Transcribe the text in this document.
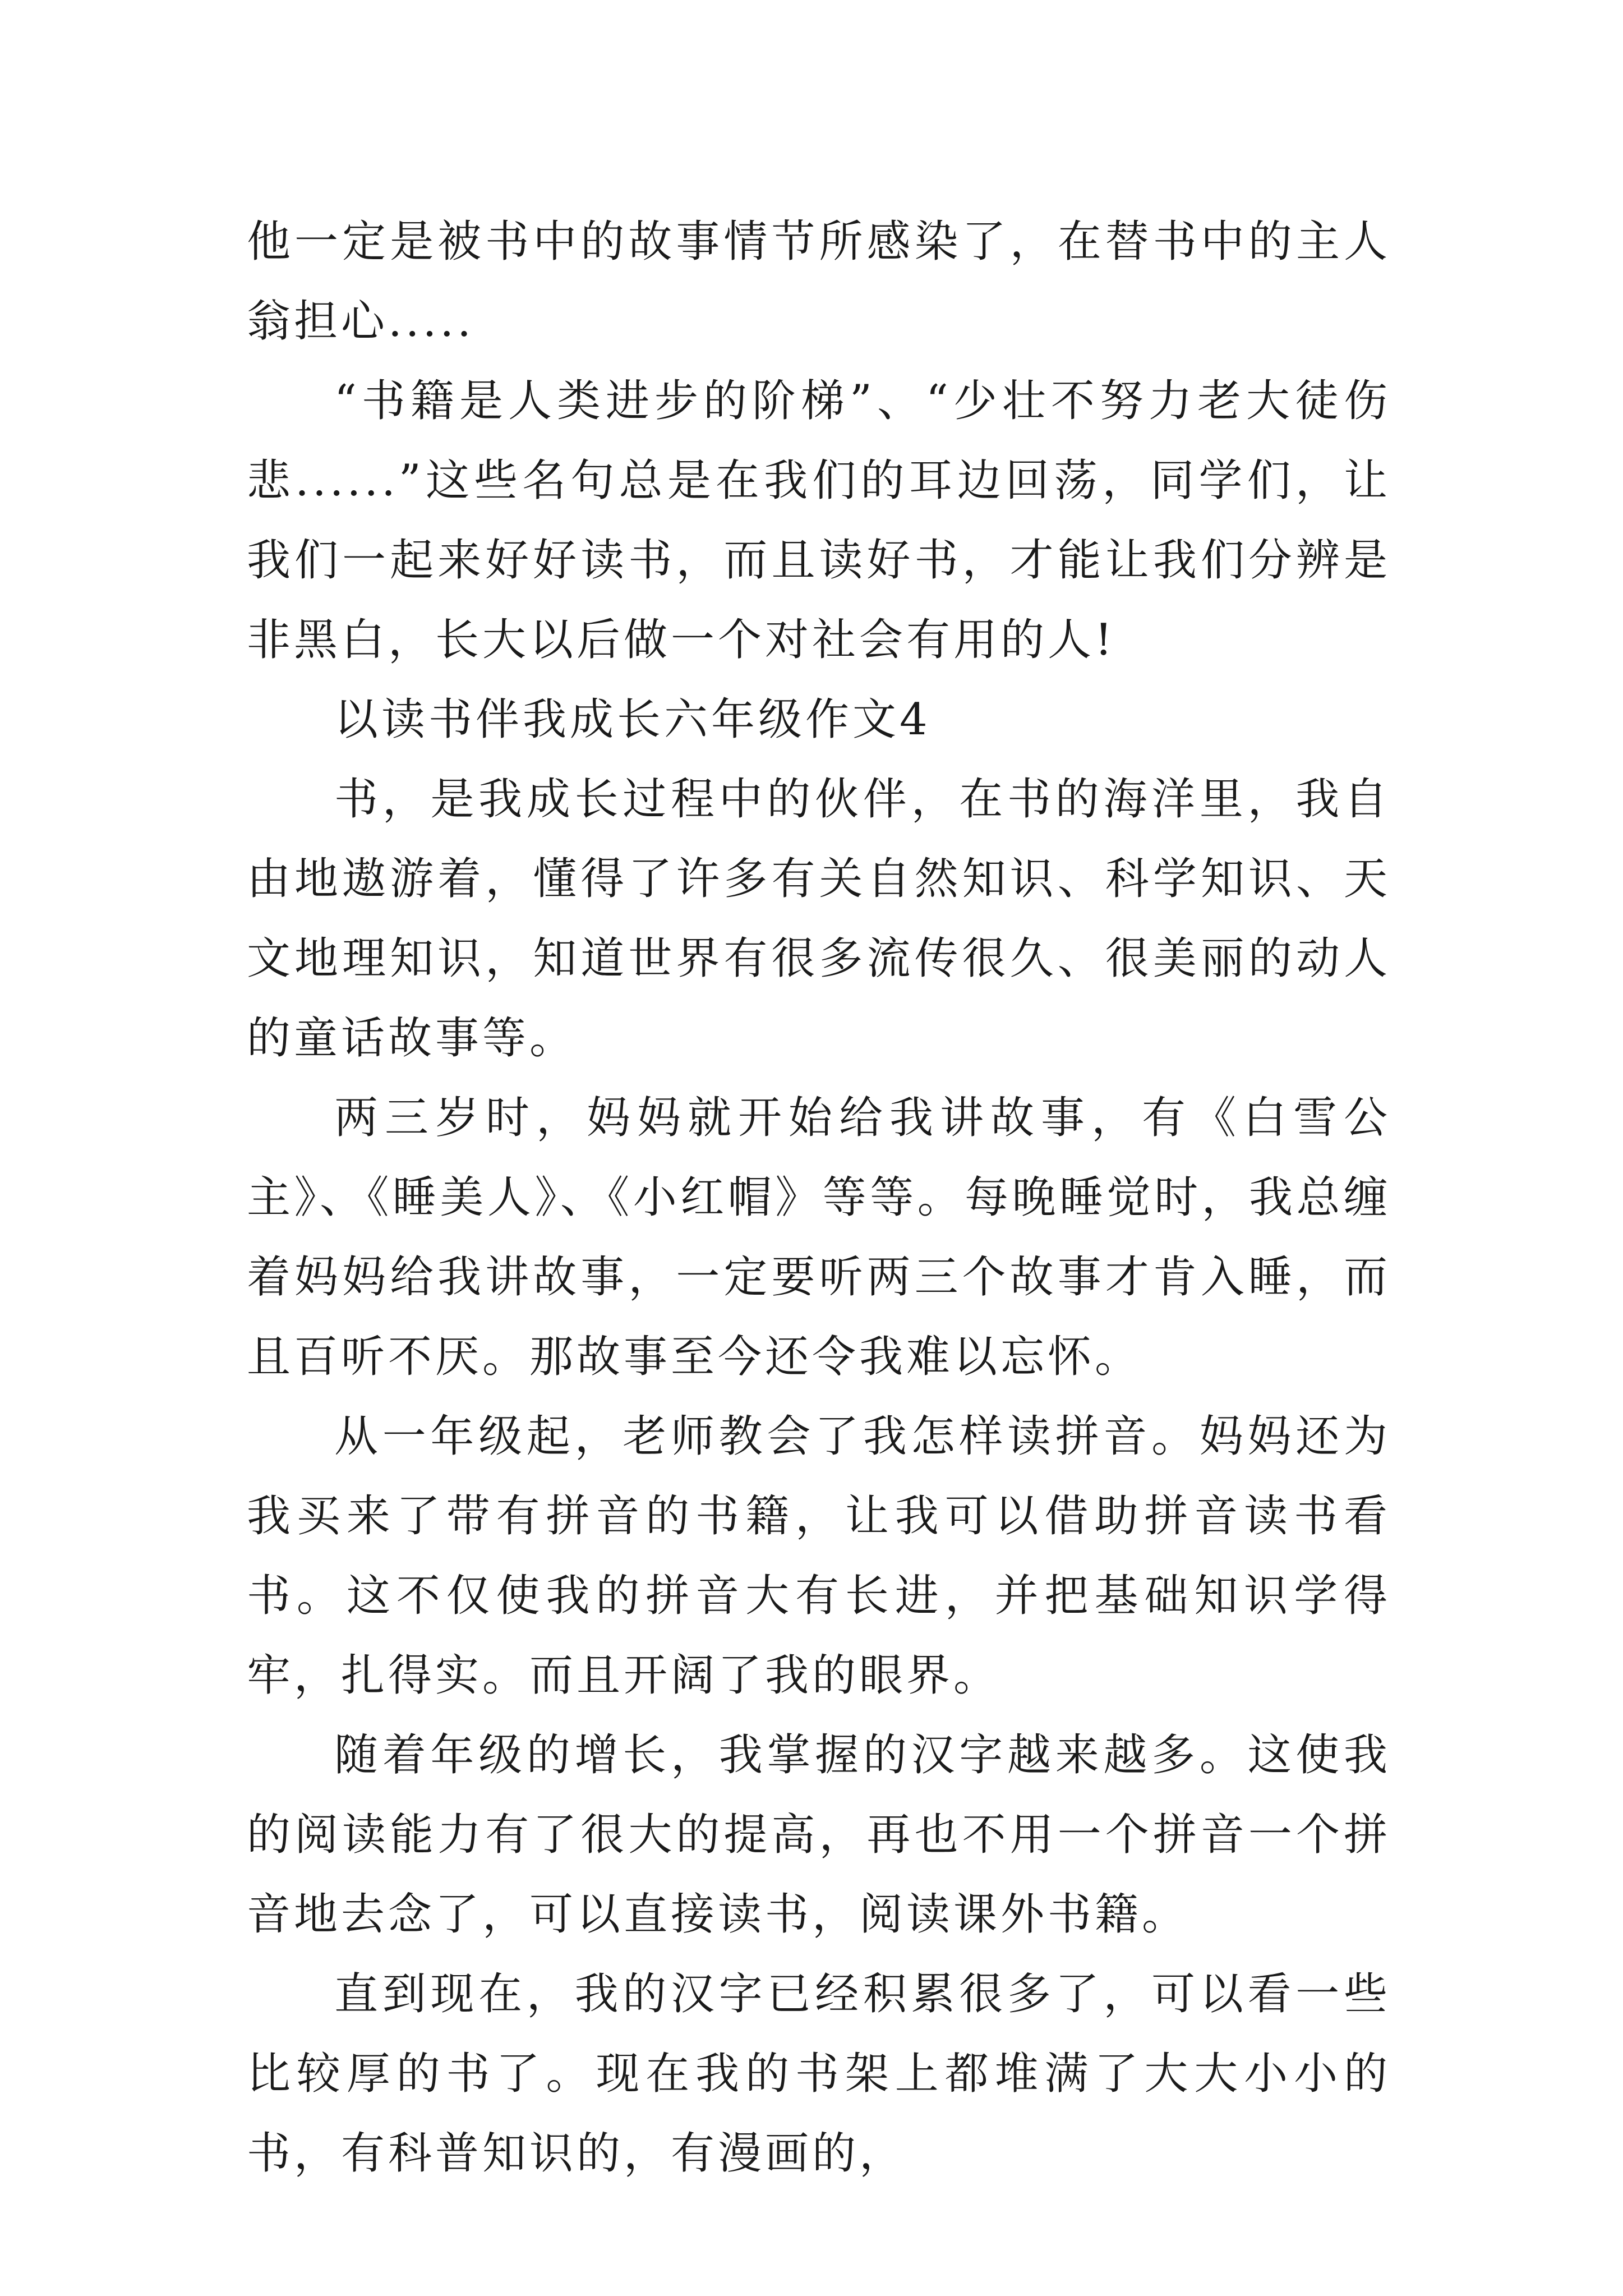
他一定是被书中的故事情节所感染了，在替书中的主人翁担心.....

“书籍是人类进步的阶梯”、“少壮不努力老大徒伤悲......”这些名句总是在我们的耳边回荡，同学们，让我们一起来好好读书，而且读好书，才能让我们分辨是非黑白，长大以后做一个对社会有用的人!

以读书伴我成长六年级作文4

书，是我成长过程中的伙伴，在书的海洋里，我自由地遨游着，懂得了许多有关自然知识、科学知识、天文地理知识，知道世界有很多流传很久、很美丽的动人的童话故事等。

两三岁时，妈妈就开始给我讲故事，有《白雪公主》、《睡美人》、《小红帽》等等。每晚睡觉时，我总缠着妈妈给我讲故事，一定要听两三个故事才肯入睡，而且百听不厌。那故事至今还令我难以忘怀。

从一年级起，老师教会了我怎样读拼音。妈妈还为我买来了带有拼音的书籍，让我可以借助拼音读书看书。这不仅使我的拼音大有长进，并把基础知识学得牢，扎得实。而且开阔了我的眼界。

随着年级的增长，我掌握的汉字越来越多。这使我的阅读能力有了很大的提高，再也不用一个拼音一个拼音地去念了，可以直接读书，阅读课外书籍。

直到现在，我的汉字已经积累很多了，可以看一些比较厚的书了。现在我的书架上都堆满了大大小小的书，有科普知识的，有漫画的，
